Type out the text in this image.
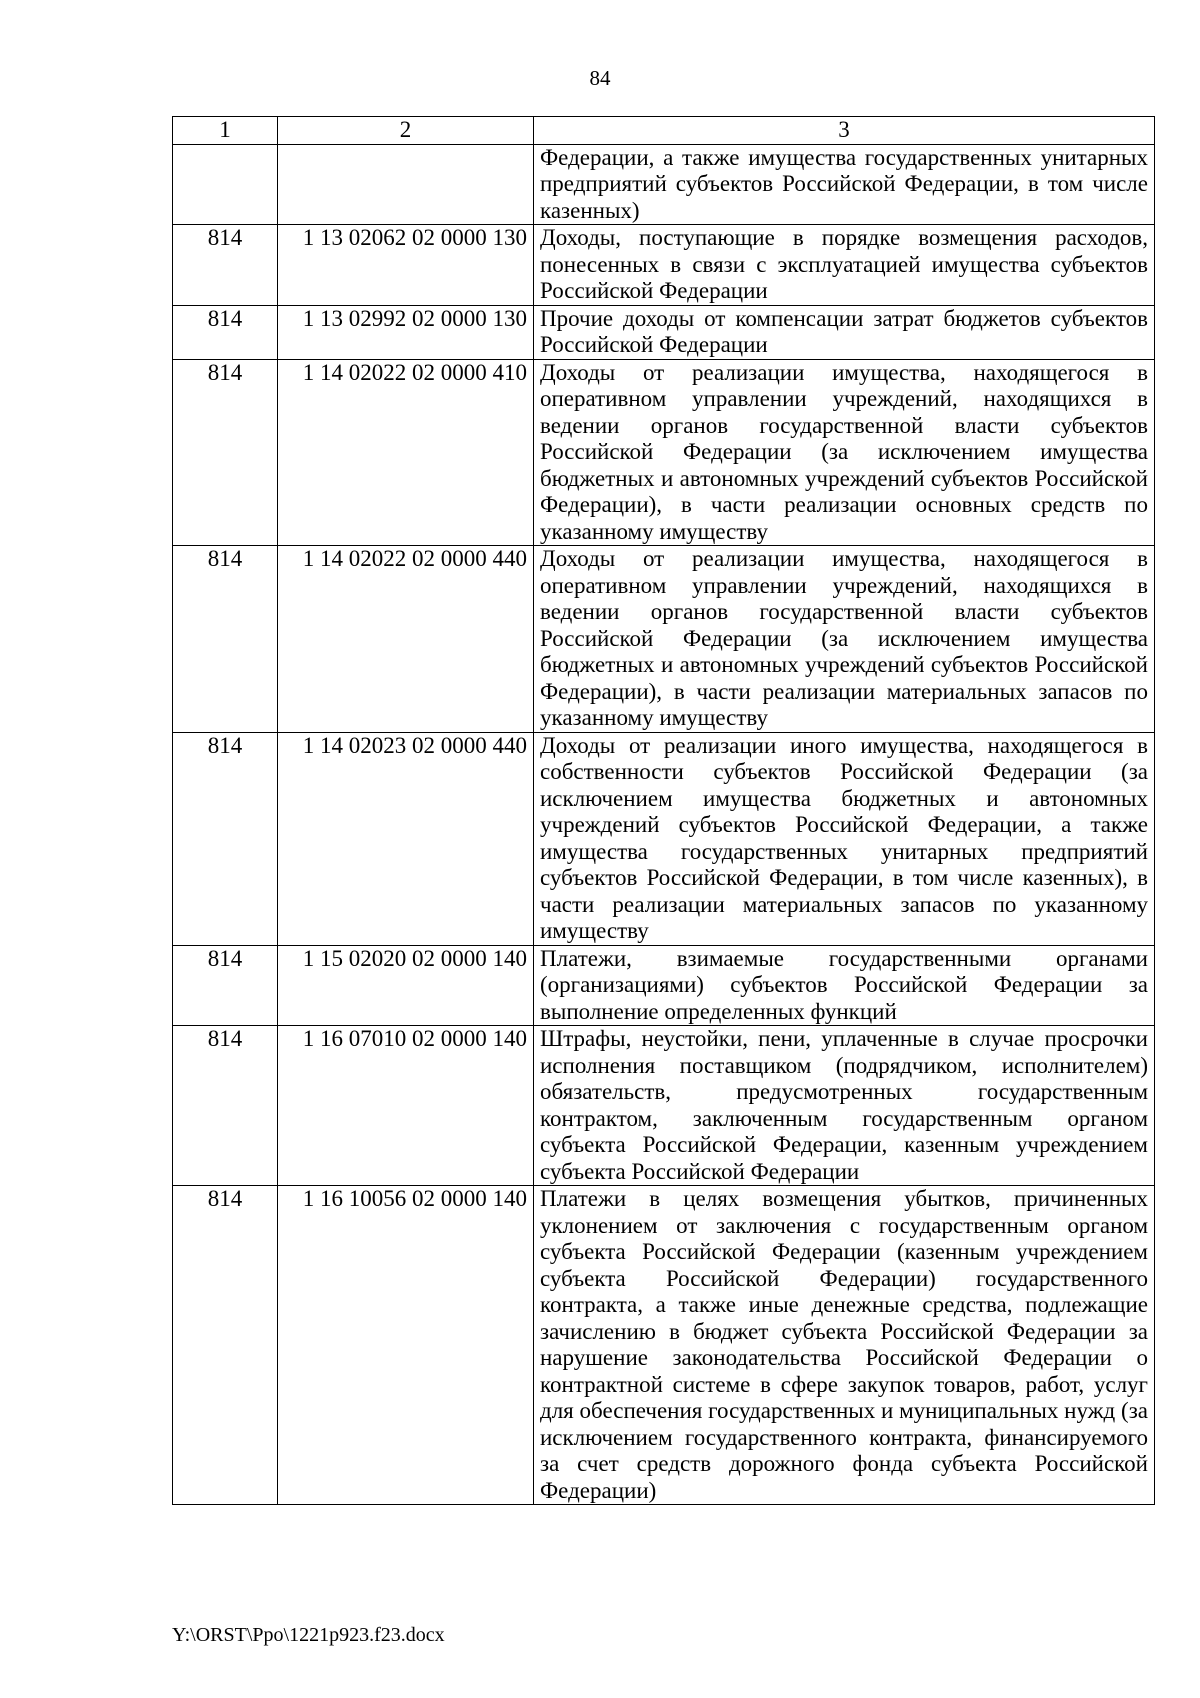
84
1	2	3
		Федерации, а также имущества государственных унитарных предприятий субъектов Российской Федерации, в том числе казенных)
814	1 13 02062 02 0000 130	Доходы, поступающие в порядке возмещения расходов, понесенных в связи с эксплуатацией имущества субъектов Российской Федерации
814	1 13 02992 02 0000 130	Прочие доходы от компенсации затрат бюджетов субъектов Российской Федерации
814	1 14 02022 02 0000 410	Доходы от реализации имущества, находящегося в оперативном управлении учреждений, находящихся в ведении органов государственной власти субъектов Российской Федерации (за исключением имущества бюджетных и автономных учреждений субъектов Российской Федерации), в части реализации основных средств по указанному имуществу
814	1 14 02022 02 0000 440	Доходы от реализации имущества, находящегося в оперативном управлении учреждений, находящихся в ведении органов государственной власти субъектов Российской Федерации (за исключением имущества бюджетных и автономных учреждений субъектов Российской Федерации), в части реализации материальных запасов по указанному имуществу
814	1 14 02023 02 0000 440	Доходы от реализации иного имущества, находящегося в собственности субъектов Российской Федерации (за исключением имущества бюджетных и автономных учреждений субъектов Российской Федерации, а также имущества государственных унитарных предприятий субъектов Российской Федерации, в том числе казенных), в части реализации материальных запасов по указанному имуществу
814	1 15 02020 02 0000 140	Платежи, взимаемые государственными органами (организациями) субъектов Российской Федерации за выполнение определенных функций
814	1 16 07010 02 0000 140	Штрафы, неустойки, пени, уплаченные в случае просрочки исполнения поставщиком (подрядчиком, исполнителем) обязательств, предусмотренных государственным контрактом, заключенным государственным органом субъекта Российской Федерации, казенным учреждением субъекта Российской Федерации
814	1 16 10056 02 0000 140	Платежи в целях возмещения убытков, причиненных уклонением от заключения с государственным органом субъекта Российской Федерации (казенным учреждением субъекта Российской Федерации) государственного контракта, а также иные денежные средства, подлежащие зачислению в бюджет субъекта Российской Федерации за нарушение законодательства Российской Федерации о контрактной системе в сфере закупок товаров, работ, услуг для обеспечения государственных и муниципальных нужд (за исключением государственного контракта, финансируемого за счет средств дорожного фонда субъекта Российской Федерации)
Y:\ORST\Ppo\1221p923.f23.docx
